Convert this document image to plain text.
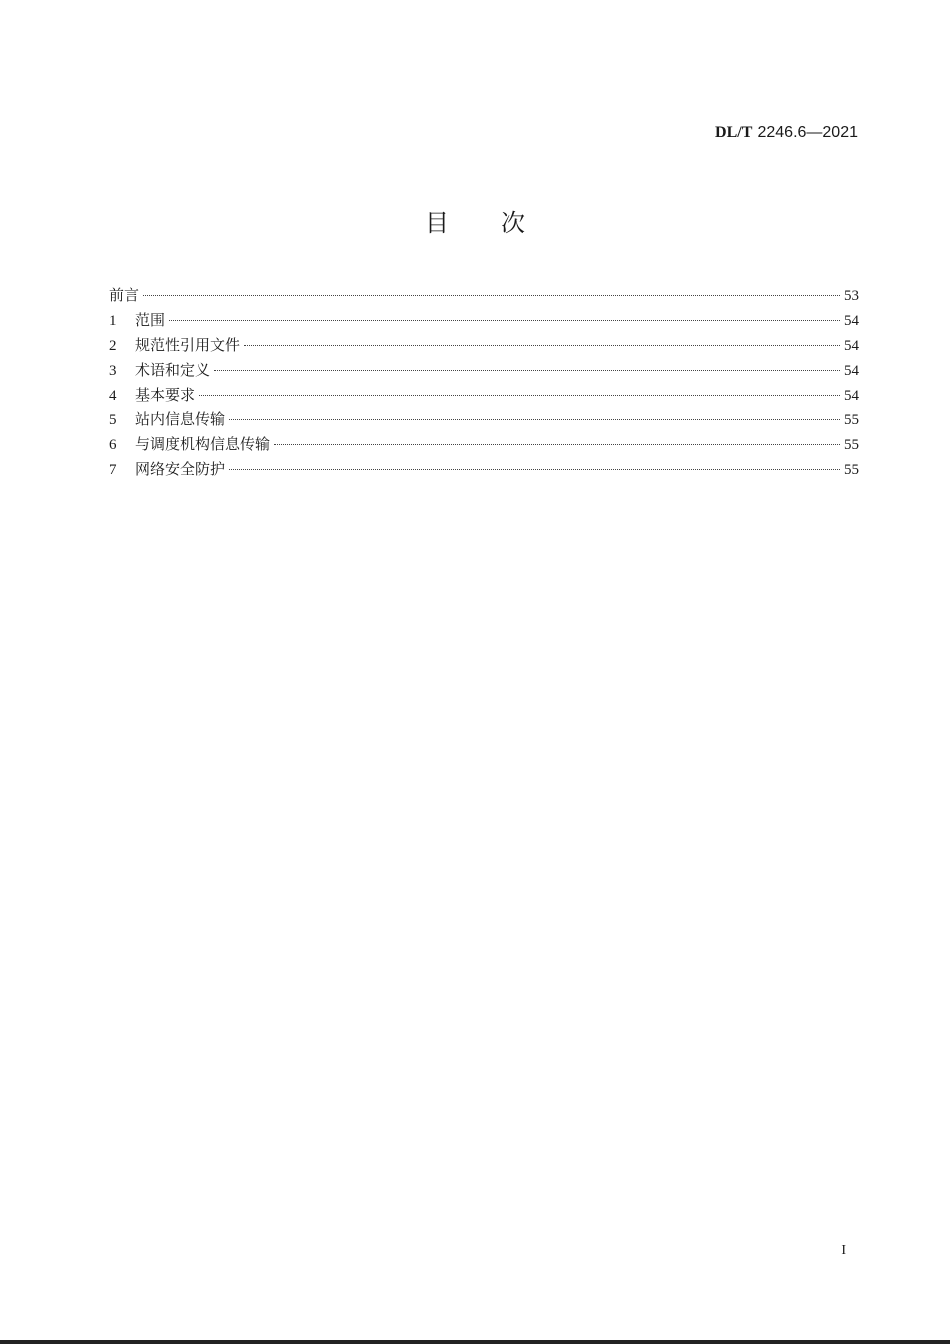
DL/T 2246.6—2021
目次
前言	53
1	范围	54
2	规范性引用文件	54
3	术语和定义	54
4	基本要求	54
5	站内信息传输	55
6	与调度机构信息传输	55
7	网络安全防护	55
I
